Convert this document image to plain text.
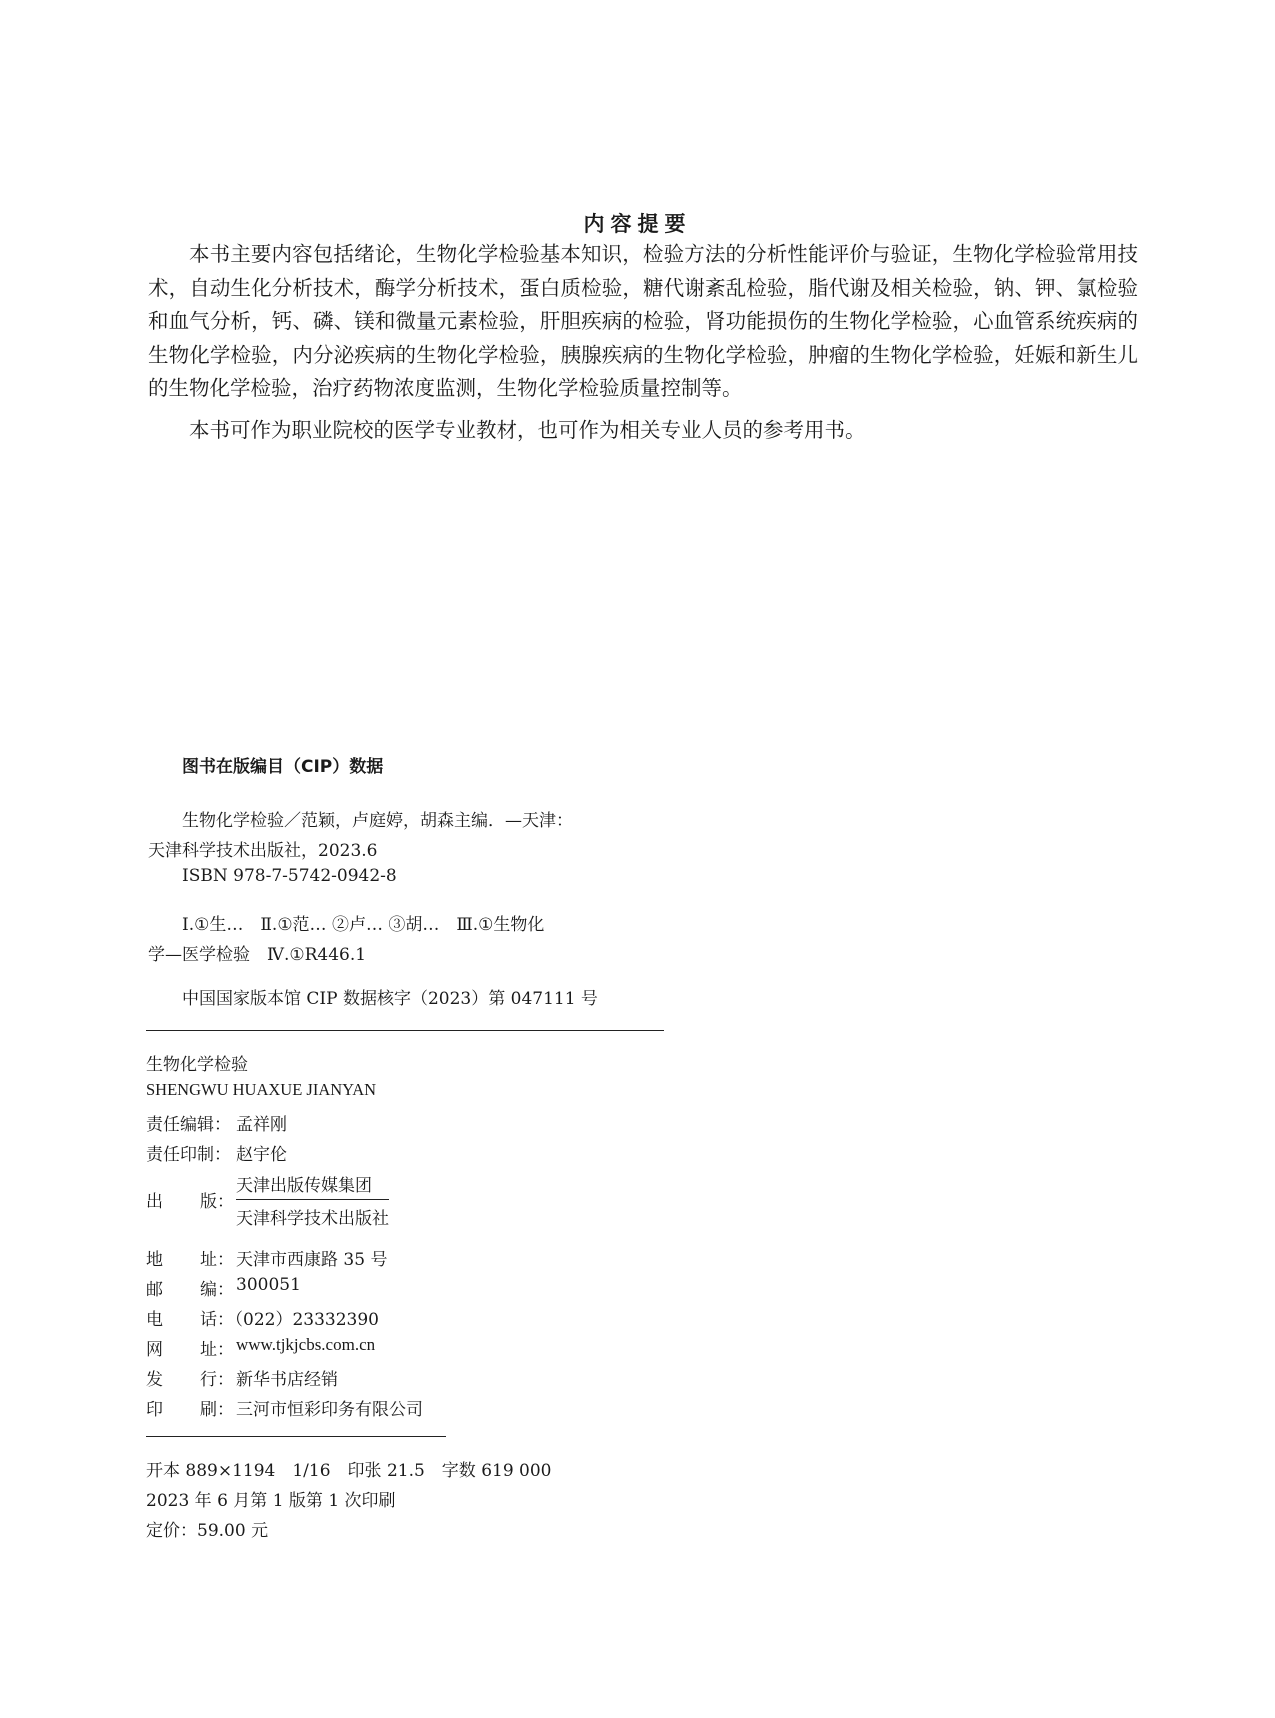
内容提要
本书主要内容包括绪论，生物化学检验基本知识，检验方法的分析性能评价与验证，生物化学检验常用技术，自动生化分析技术，酶学分析技术，蛋白质检验，糖代谢紊乱检验，脂代谢及相关检验，钠、钾、氯检验和血气分析，钙、磷、镁和微量元素检验，肝胆疾病的检验，肾功能损伤的生物化学检验，心血管系统疾病的生物化学检验，内分泌疾病的生物化学检验，胰腺疾病的生物化学检验，肿瘤的生物化学检验，妊娠和新生儿的生物化学检验，治疗药物浓度监测，生物化学检验质量控制等。
本书可作为职业院校的医学专业教材，也可作为相关专业人员的参考用书。
图书在版编目（CIP）数据
生物化学检验／范颖，卢庭婷，胡森主编．—天津：
天津科学技术出版社，2023.6
ISBN 978-7-5742-0942-8
Ⅰ.①生…　Ⅱ.①范… ②卢… ③胡…　Ⅲ.①生物化
学—医学检验　Ⅳ.①R446.1
中国国家版本馆 CIP 数据核字（2023）第 047111 号
生物化学检验
SHENGWU HUAXUE JIANYAN
责任编辑： 孟祥刚
责任印制： 赵宇伦
出 版：
天津出版传媒集团
天津科学技术出版社
地 址： 天津市西康路 35 号
邮 编： 300051
电 话：
（022）23332390
网 址： www.tjkjcbs.com.cn
发 行： 新华书店经销
印 刷： 三河市恒彩印务有限公司
开本 889×1194　1/16　印张 21.5　字数 619 000
2023 年 6 月第 1 版第 1 次印刷
定价：59.00 元
